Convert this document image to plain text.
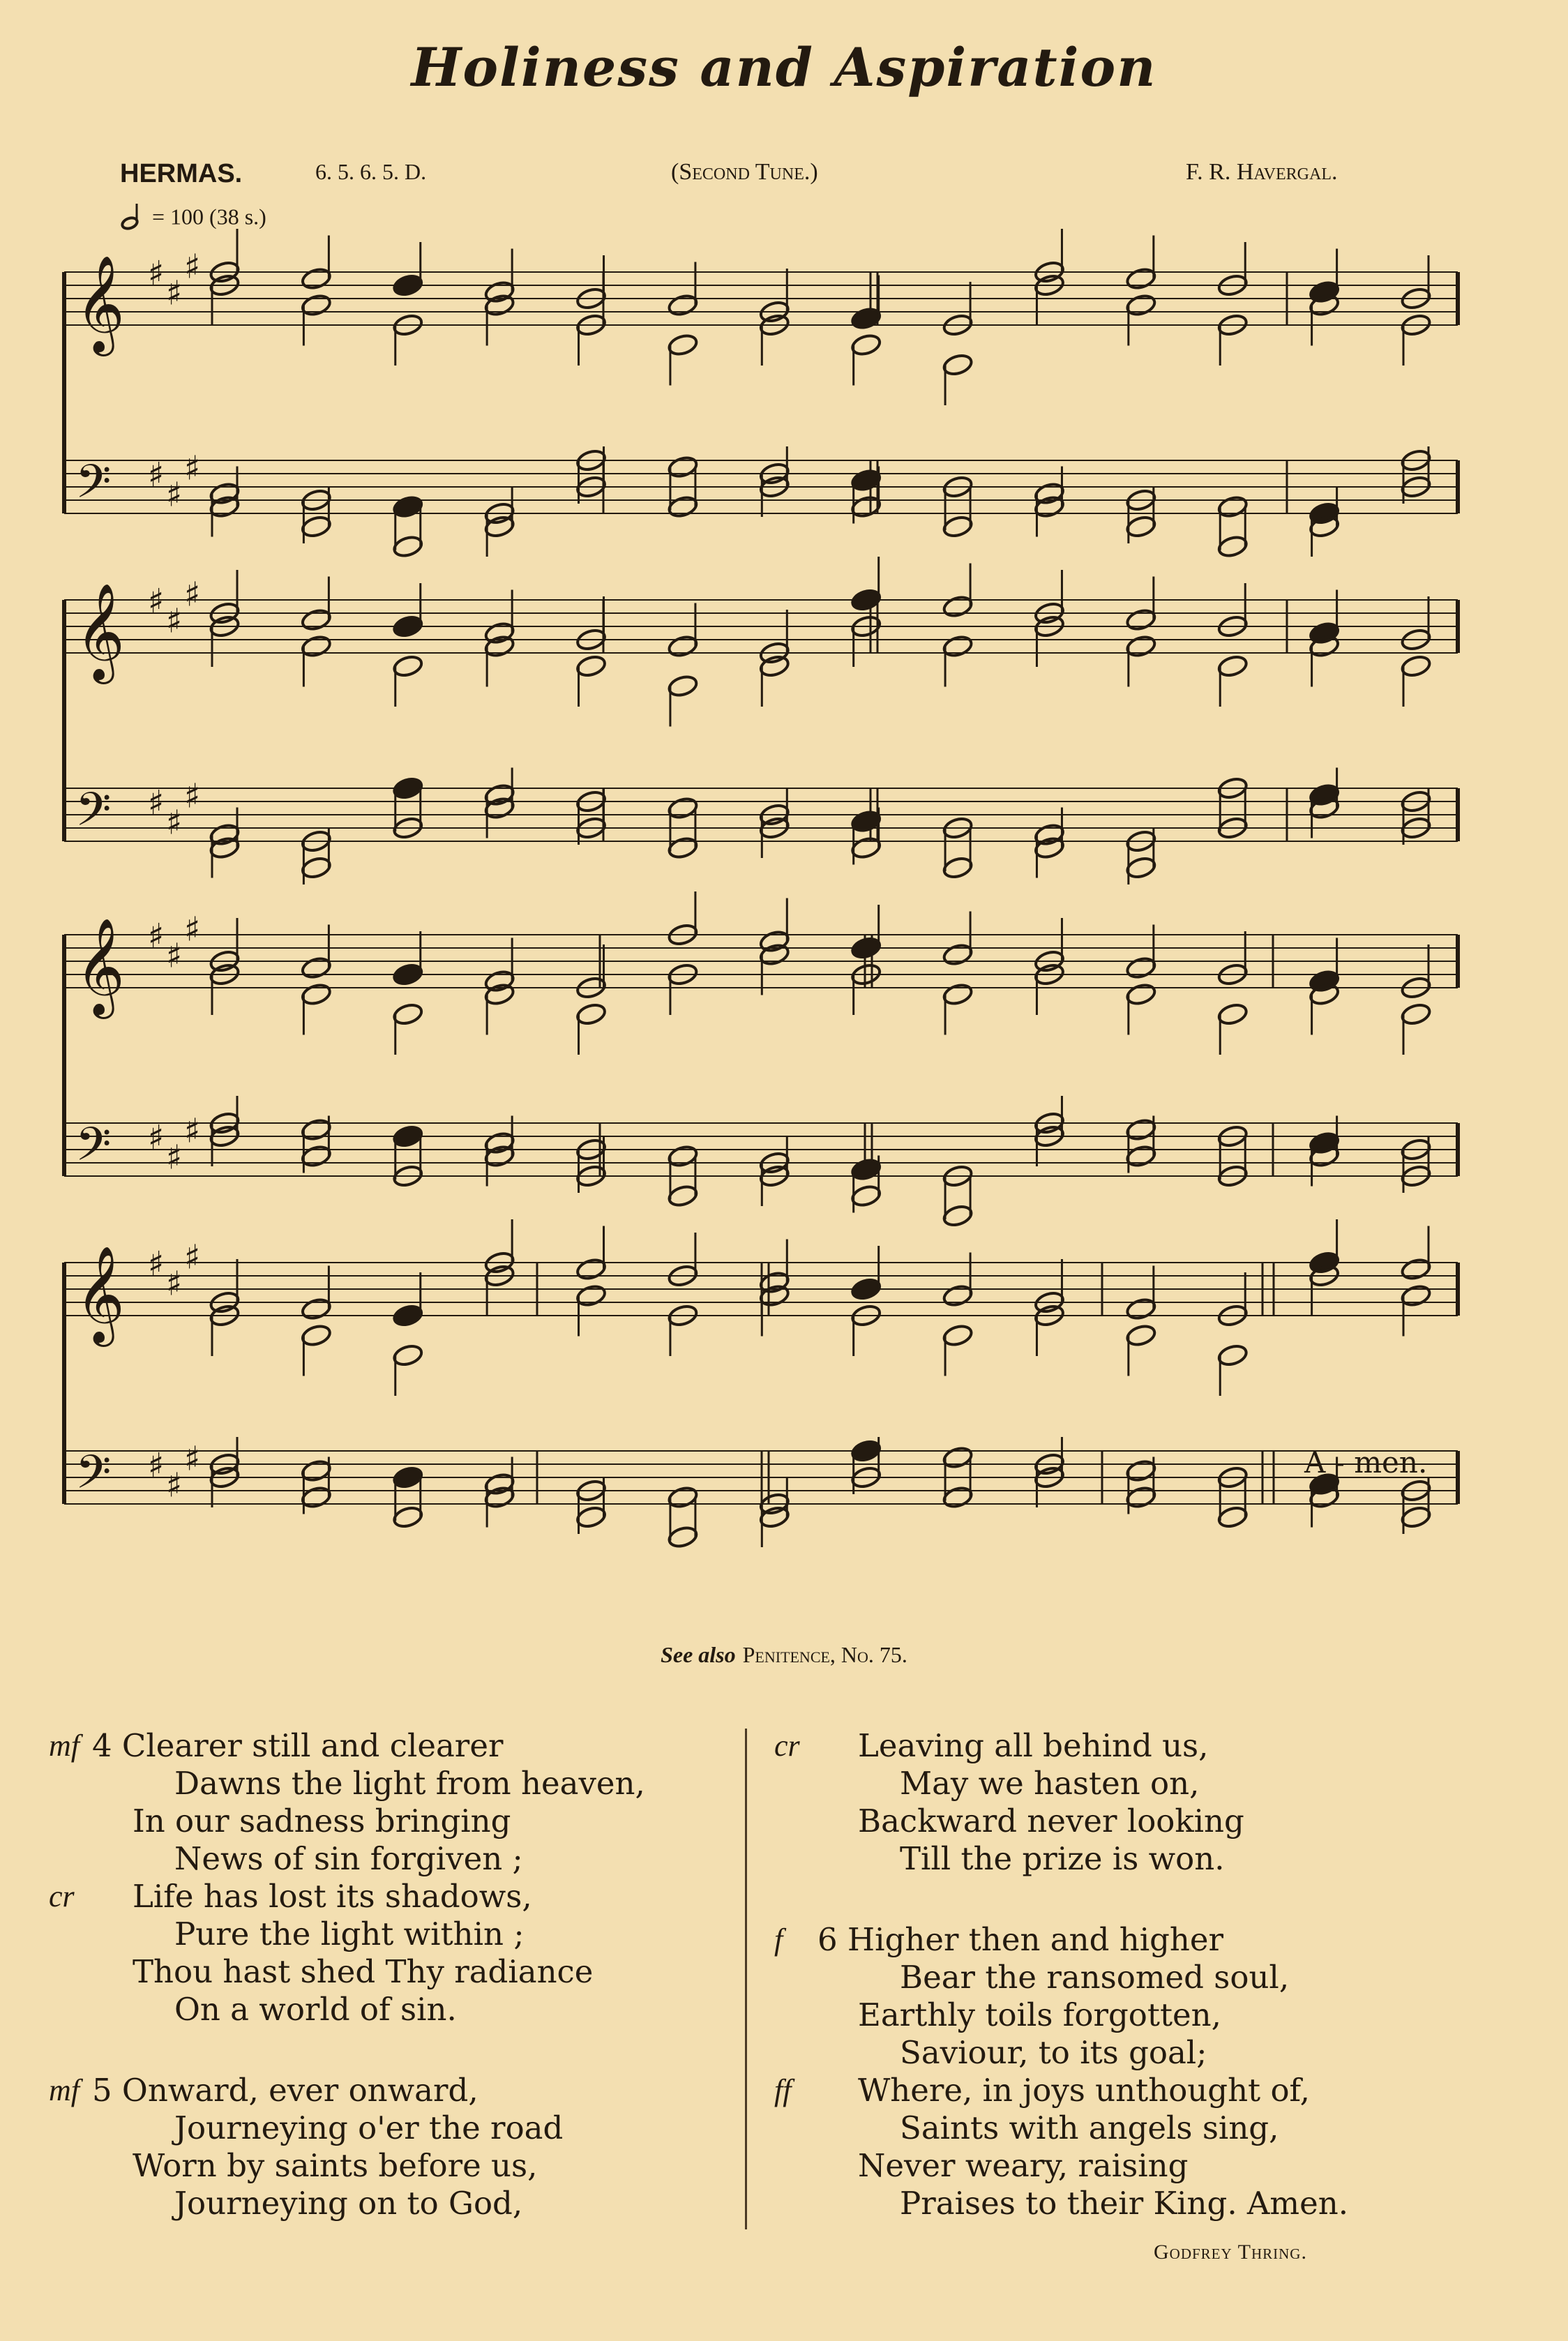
Holiness and Aspiration
HERMAS.	6. 5. 6. 5. D.	(Second Tune.)	F. R. Havergal.
= 100 (38 s.)
𝄞 ♯
♯
♯
𝄢 ♯
♯
♯
𝄞 ♯
♯
♯
𝄢 ♯
♯
♯
𝄞 ♯
♯
♯
𝄢 ♯
♯
♯
𝄞 ♯
♯
♯
𝄢 ♯
♯
♯	A - men.
See also Penitence, No. 75.
mf 4 Clearer still and clearer
Dawns the light from heaven,
In our sadness bringing
News of sin forgiven ;
cr Life has lost its shadows,
Pure the light within ;
Thou hast shed Thy radiance
On a world of sin.
mf 5 Onward, ever onward,
Journeying o'er the road
Worn by saints before us,
Journeying on to God,
cr Leaving all behind us,
May we hasten on,
Backward never looking
Till the prize is won.
f 6 Higher then and higher
Bear the ransomed soul,
Earthly toils forgotten,
Saviour, to its goal;
ff Where, in joys unthought of,
Saints with angels sing,
Never weary, raising
Praises to their King. Amen.
Godfrey Thring.
